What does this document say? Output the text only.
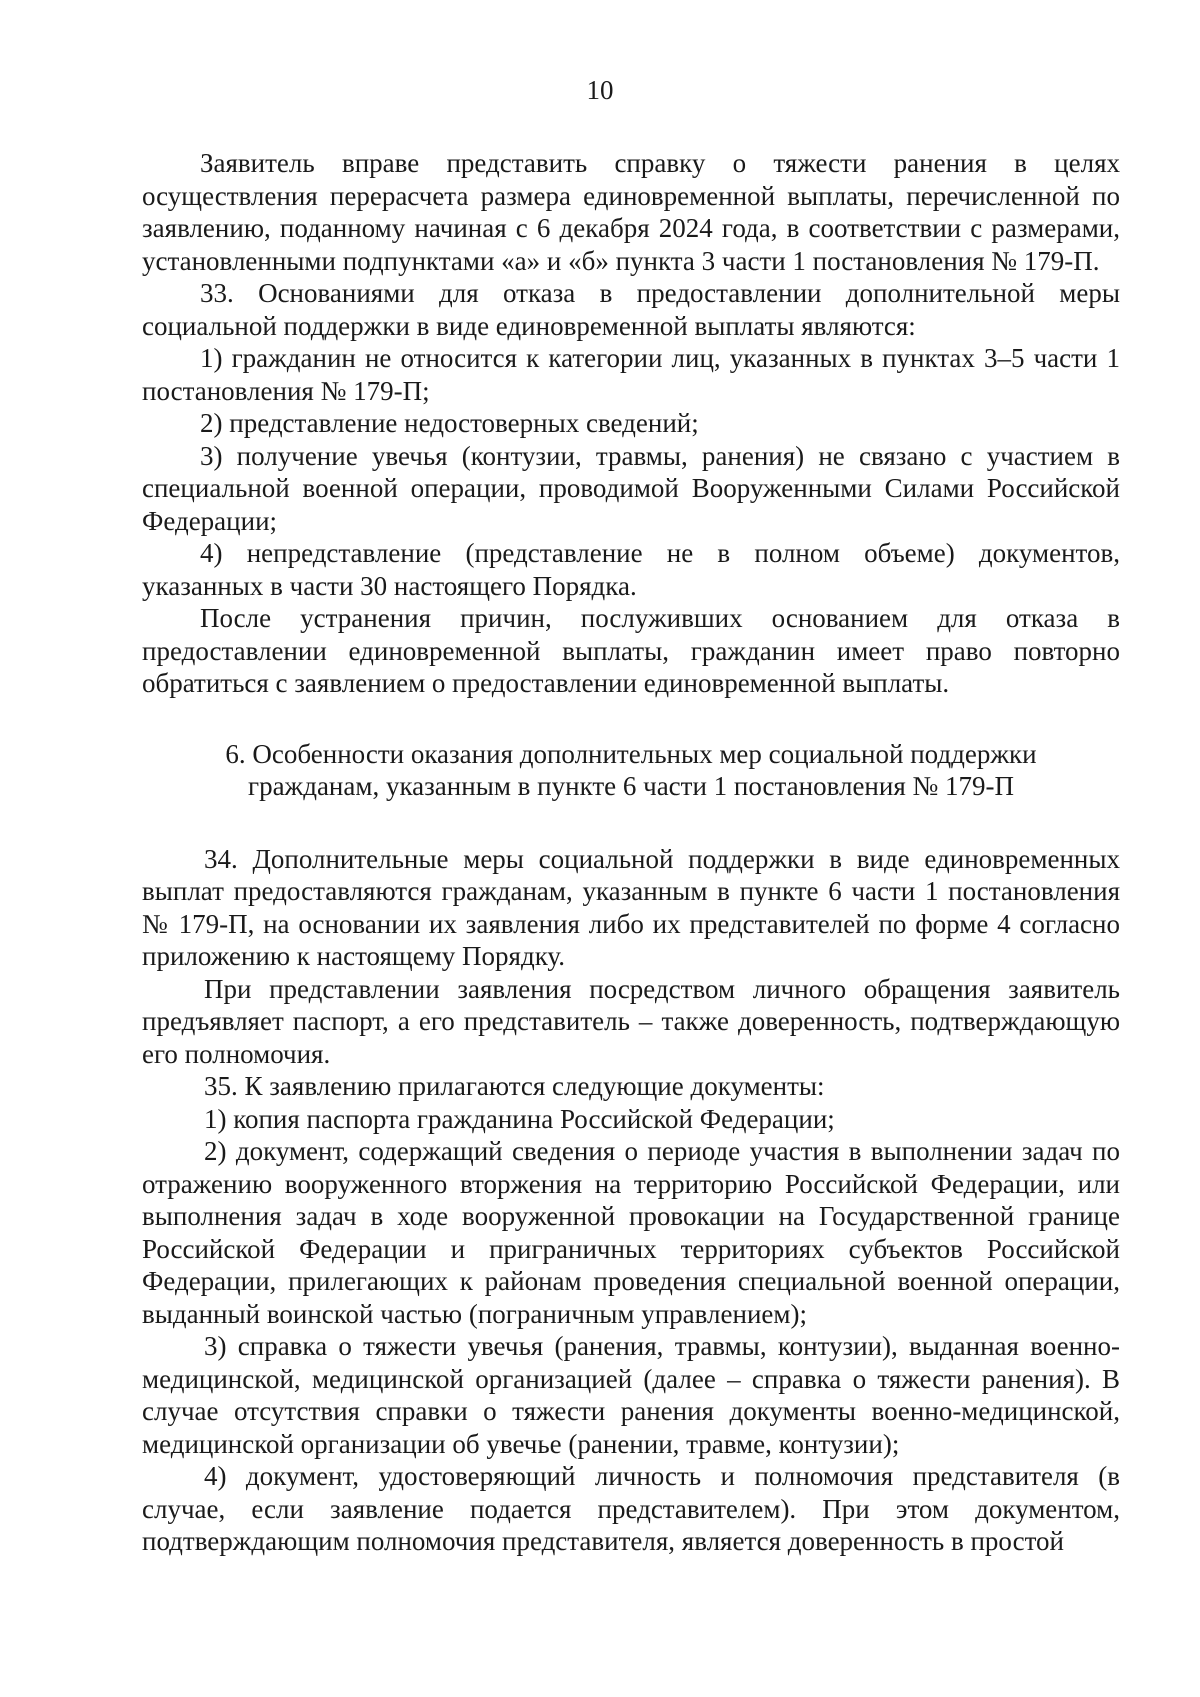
10

Заявитель вправе представить справку о тяжести ранения в целях осуществления перерасчета размера единовременной выплаты, перечисленной по заявлению, поданному начиная с 6 декабря 2024 года, в соответствии с размерами, установленными подпунктами «а» и «б» пункта 3 части 1 постановления № 179-П.

33. Основаниями для отказа в предоставлении дополнительной меры социальной поддержки в виде единовременной выплаты являются:

1) гражданин не относится к категории лиц, указанных в пунктах 3–5 части 1 постановления № 179-П;

2) представление недостоверных сведений;

3) получение увечья (контузии, травмы, ранения) не связано с участием в специальной военной операции, проводимой Вооруженными Силами Российской Федерации;

4) непредставление (представление не в полном объеме) документов, указанных в части 30 настоящего Порядка.

После устранения причин, послуживших основанием для отказа в предоставлении единовременной выплаты, гражданин имеет право повторно обратиться с заявлением о предоставлении единовременной выплаты.

6. Особенности оказания дополнительных мер социальной поддержки
гражданам, указанным в пункте 6 части 1 постановления № 179-П

34. Дополнительные меры социальной поддержки в виде единовременных выплат предоставляются гражданам, указанным в пункте 6 части 1 постановления № 179-П, на основании их заявления либо их представителей по форме 4 согласно приложению к настоящему Порядку.

При представлении заявления посредством личного обращения заявитель предъявляет паспорт, а его представитель – также доверенность, подтверждающую его полномочия.

35. К заявлению прилагаются следующие документы:

1) копия паспорта гражданина Российской Федерации;

2) документ, содержащий сведения о периоде участия в выполнении задач по отражению вооруженного вторжения на территорию Российской Федерации, или выполнения задач в ходе вооруженной провокации на Государственной границе Российской Федерации и приграничных территориях субъектов Российской Федерации, прилегающих к районам проведения специальной военной операции, выданный воинской частью (пограничным управлением);

3) справка о тяжести увечья (ранения, травмы, контузии), выданная военно-медицинской, медицинской организацией (далее – справка о тяжести ранения). В случае отсутствия справки о тяжести ранения документы военно-медицинской, медицинской организации об увечье (ранении, травме, контузии);

4) документ, удостоверяющий личность и полномочия представителя (в случае, если заявление подается представителем). При этом документом, подтверждающим полномочия представителя, является доверенность в простой
